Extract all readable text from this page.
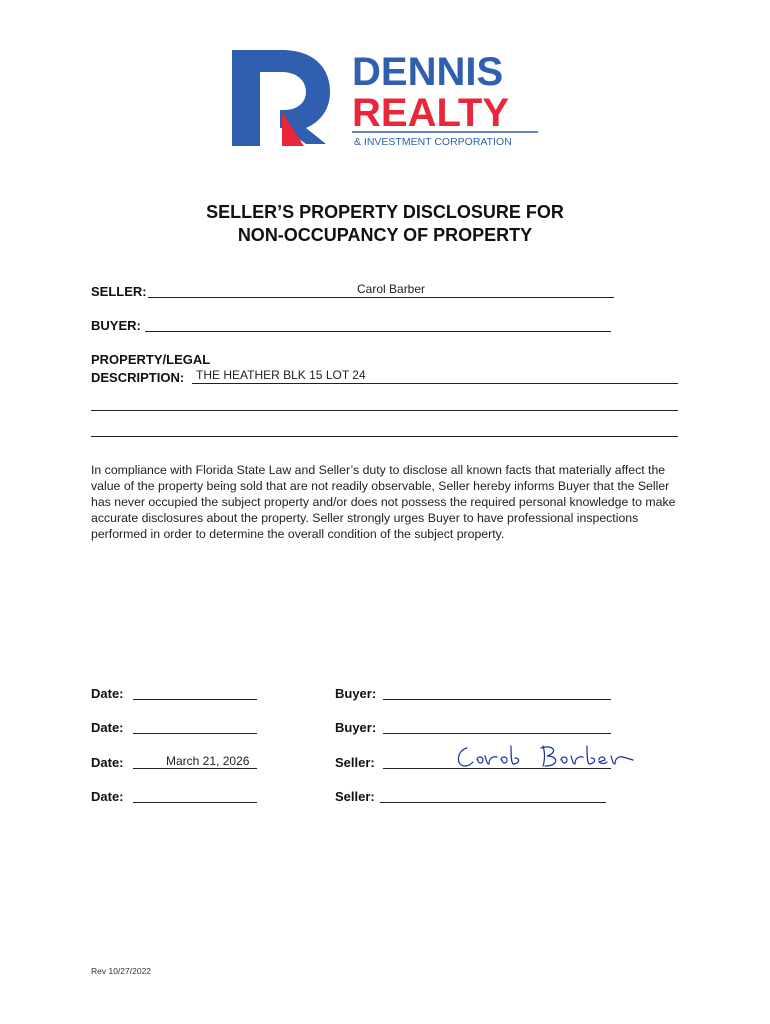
DENNIS
REALTY
& INVESTMENT CORPORATION
SELLER’S PROPERTY DISCLOSURE FOR
NON-OCCUPANCY OF PROPERTY
SELLER:	Carol Barber
BUYER:
PROPERTY/LEGAL
DESCRIPTION: THE HEATHER BLK 15 LOT 24
In compliance with Florida State Law and Seller’s duty to disclose all known facts that materially affect the value of the property being sold that are not readily observable, Seller hereby informs Buyer that the Seller has never occupied the subject property and/or does not possess the required personal knowledge to make accurate disclosures about the property. Seller strongly urges Buyer to have professional inspections performed in order to determine the overall condition of the subject property.
Date:	Buyer:
Date:	Buyer:
Date:	March 21, 2026	Seller:
Date:	Seller:
Rev 10/27/2022
